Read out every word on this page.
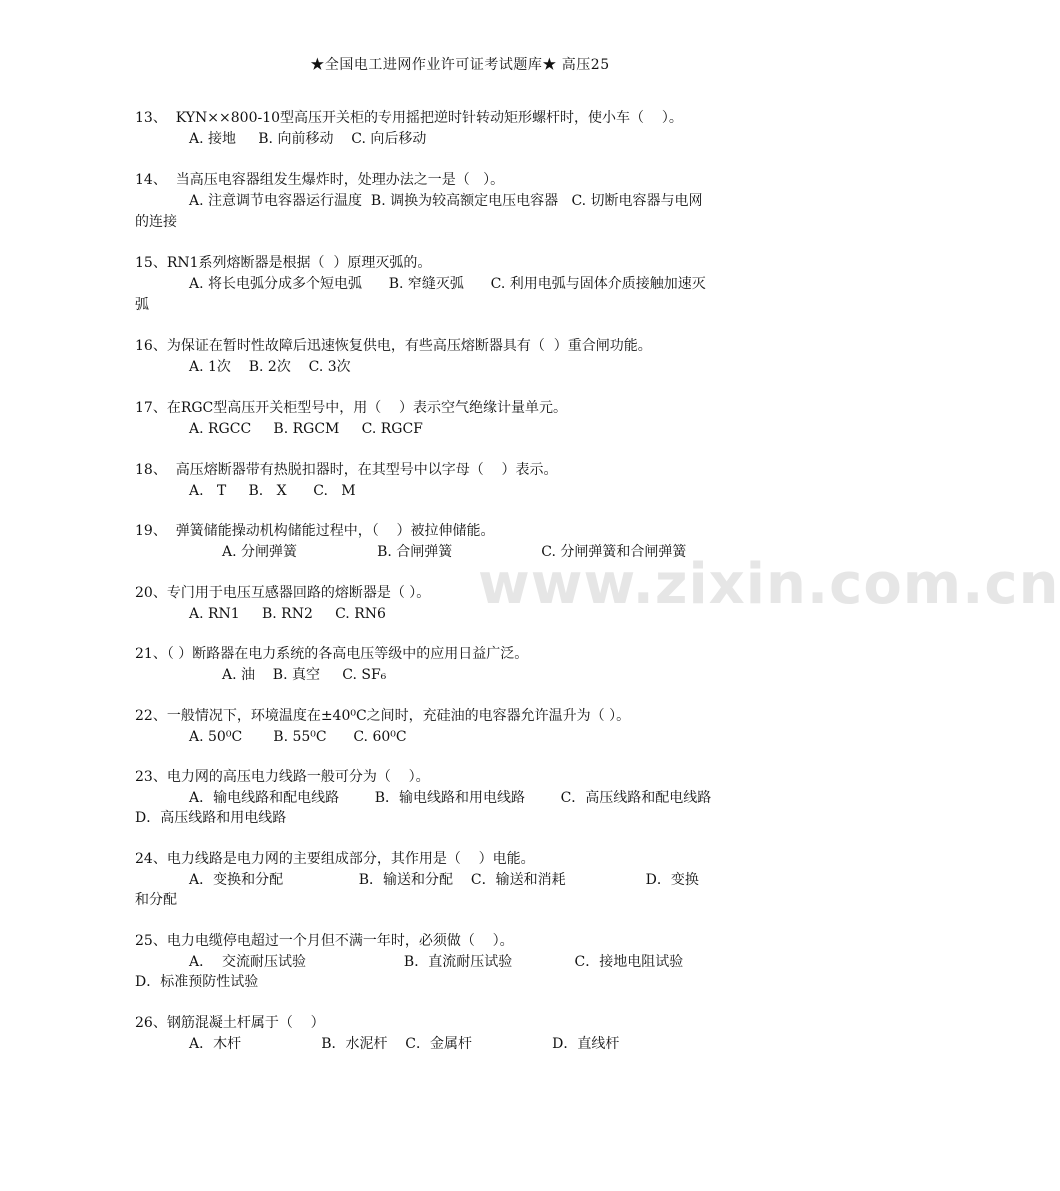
www.zixin.com.cn
★全国电工进网作业许可证考试题库★ 高压25
13、  KYN××800-10型高压开关柜的专用摇把逆时针转动矩形螺杆时，使小车（    ）。
A. 接地     B. 向前移动    C. 向后移动
14、  当高压电容器组发生爆炸时，处理办法之一是（   ）。
A. 注意调节电容器运行温度  B. 调换为较高额定电压电容器   C. 切断电容器与电网
的连接
15、RN1系列熔断器是根据（  ）原理灭弧的。
A. 将长电弧分成多个短电弧      B. 窄缝灭弧      C. 利用电弧与固体介质接触加速灭
弧
16、为保证在暂时性故障后迅速恢复供电，有些高压熔断器具有（  ）重合闸功能。
A. 1次    B. 2次    C. 3次
17、在RGC型高压开关柜型号中，用（    ）表示空气绝缘计量单元。
A. RGCC     B. RGCM     C. RGCF
18、  高压熔断器带有热脱扣器时，在其型号中以字母（    ）表示。
A.   T     B.   X      C.   M
19、  弹簧储能操动机构储能过程中，（    ）被拉伸储能。
A. 分闸弹簧                  B. 合闸弹簧                    C. 分闸弹簧和合闸弹簧
20、专门用于电压互感器回路的熔断器是（ ）。
A. RN1     B. RN2     C. RN6
21、（ ）断路器在电力系统的各高电压等级中的应用日益广泛。
A. 油    B. 真空     C. SF₆
22、一般情况下，环境温度在±40⁰C之间时，充硅油的电容器允许温升为（ ）。
A. 50⁰C       B. 55⁰C      C. 60⁰C
23、电力网的高压电力线路一般可分为（    ）。
A．输电线路和配电线路        B．输电线路和用电线路        C．高压线路和配电线路
D．高压线路和用电线路
24、电力线路是电力网的主要组成部分，其作用是（    ）电能。
A．变换和分配                 B．输送和分配    C．输送和消耗                  D．变换
和分配
25、电力电缆停电超过一个月但不满一年时，必须做（    ）。
A．  交流耐压试验                      B．直流耐压试验              C．接地电阻试验
D．标准预防性试验
26、钢筋混凝土杆属于（    ）
A．木杆                  B．水泥杆    C．金属杆                  D．直线杆
